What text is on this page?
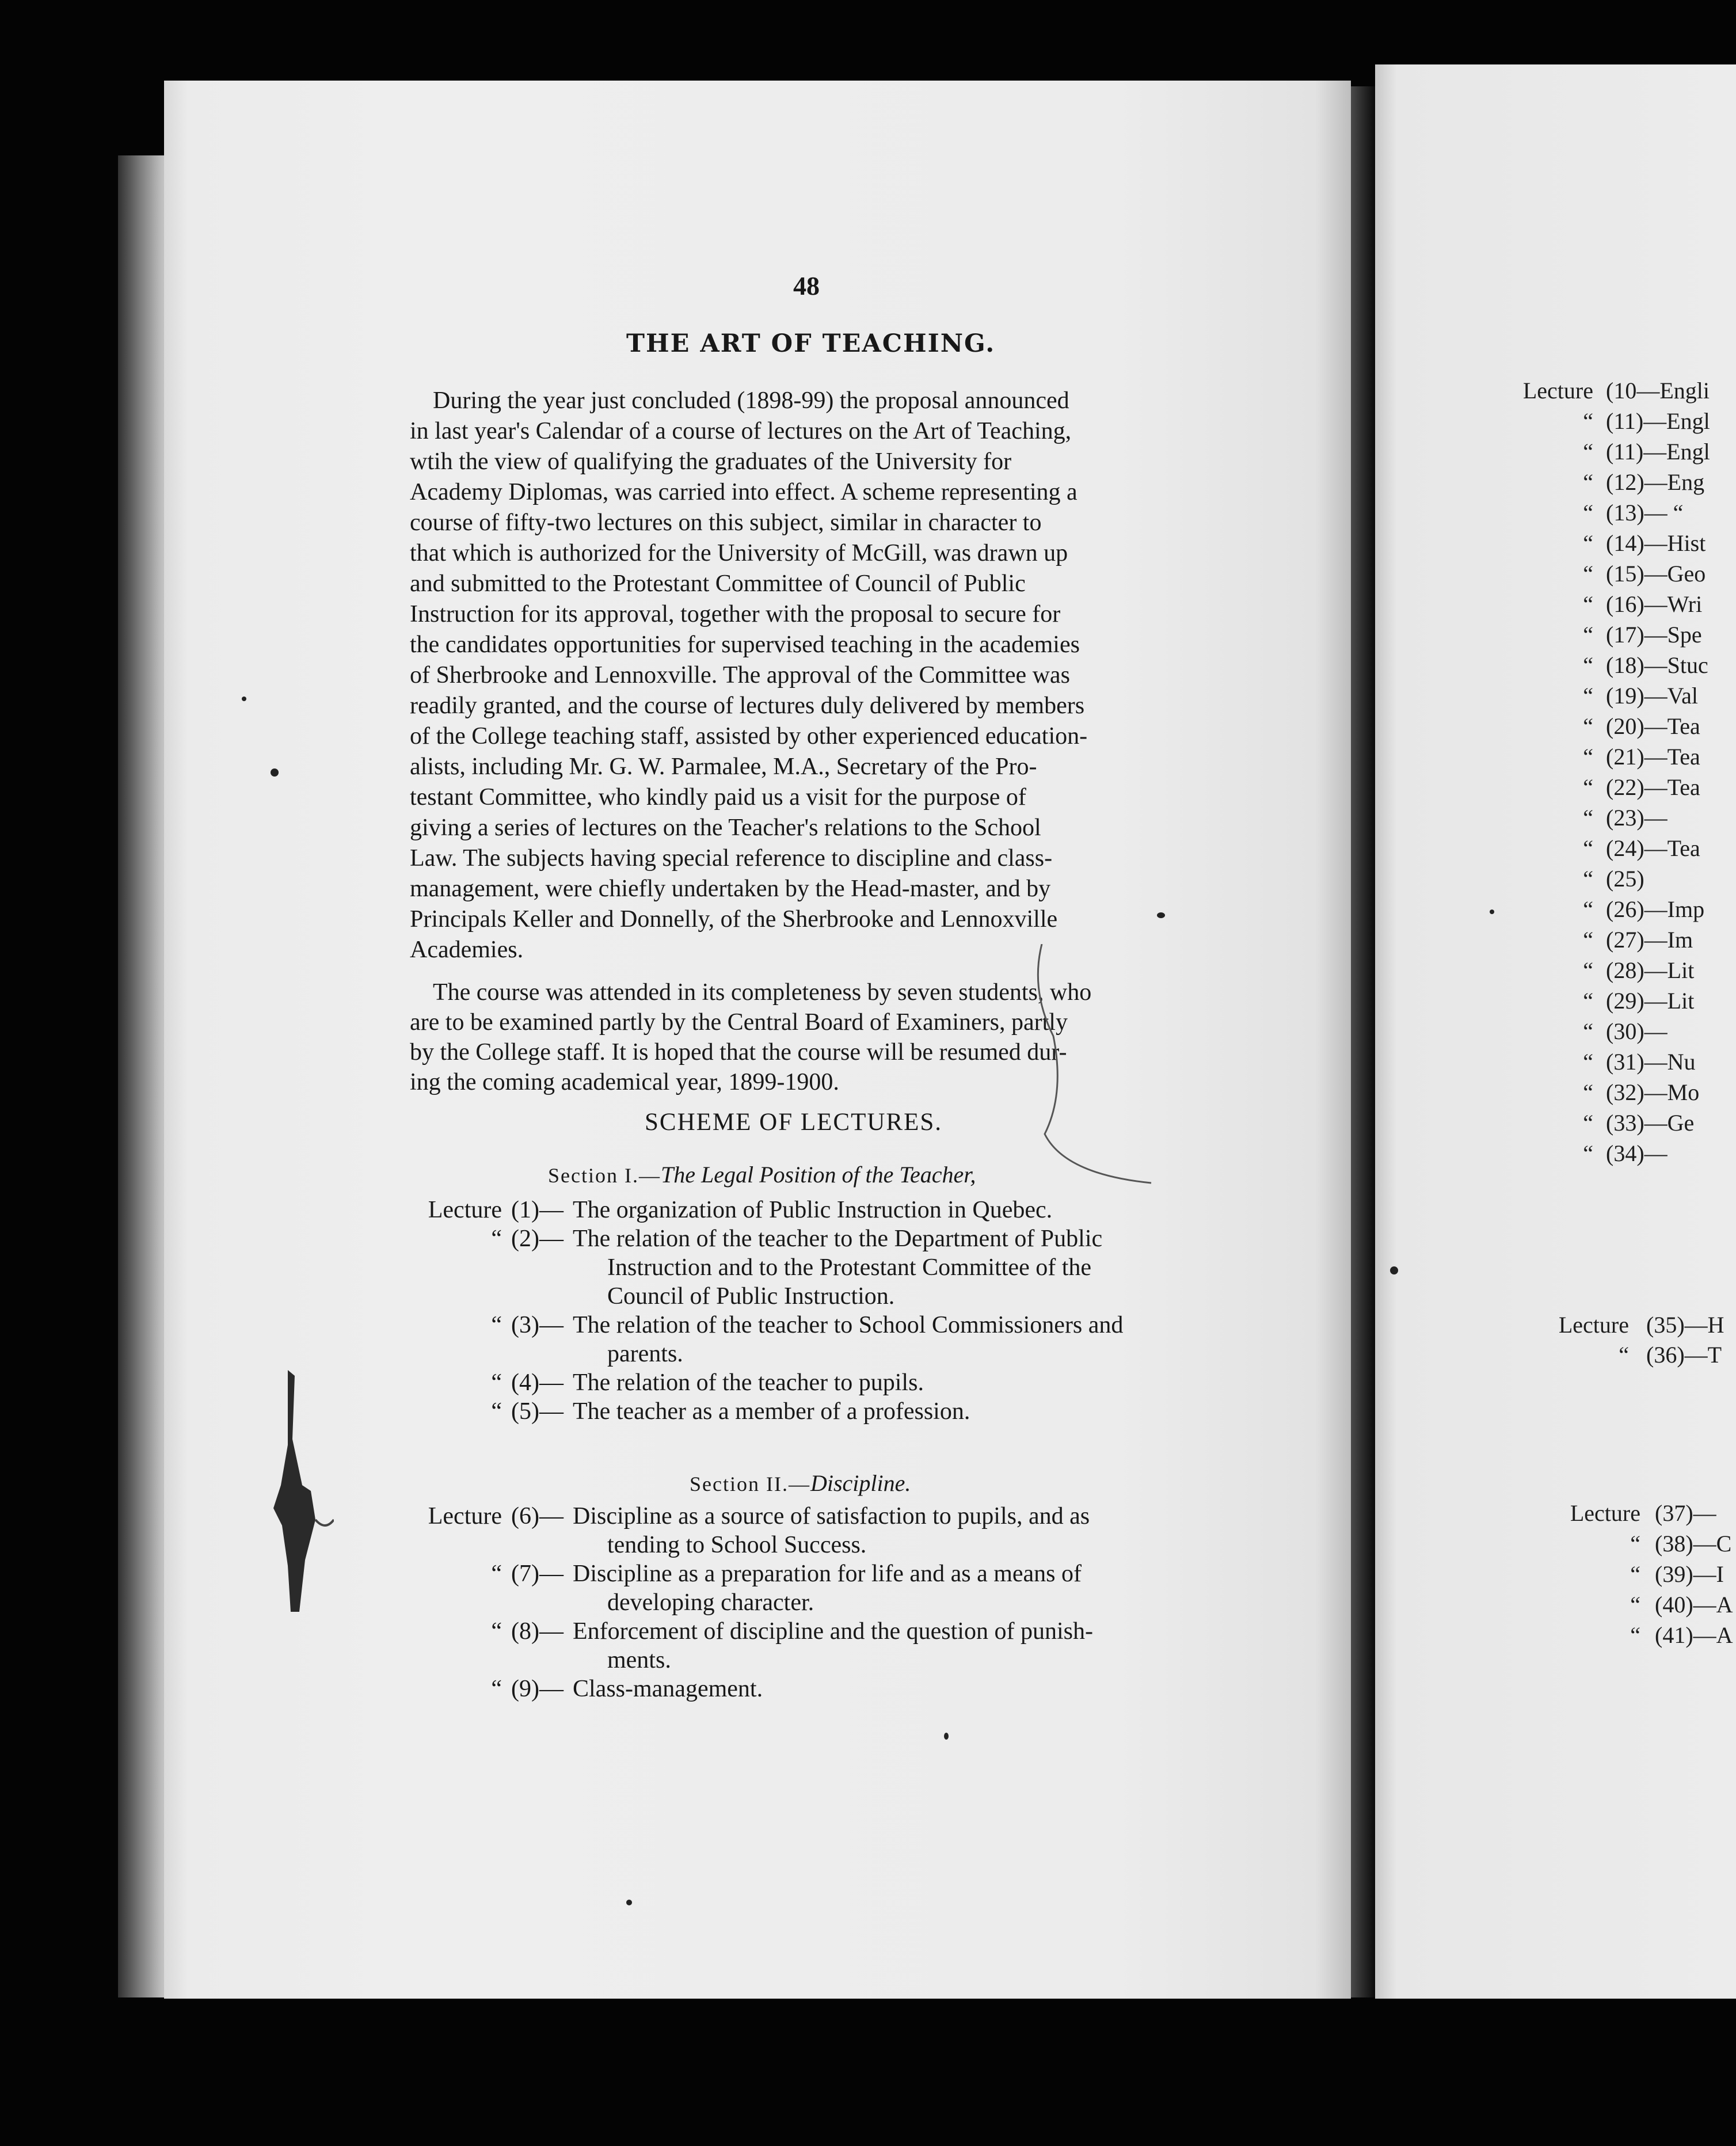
48
THE ART OF TEACHING.
During the year just concluded (1898-99) the proposal announced
in last year's Calendar of a course of lectures on the Art of Teaching,
wtih the view of qualifying the graduates of the University for
Academy Diplomas, was carried into effect. A scheme representing a
course of fifty-two lectures on this subject, similar in character to
that which is authorized for the University of McGill, was drawn up
and submitted to the Protestant Committee of Council of Public
Instruction for its approval, together with the proposal to secure for
the candidates opportunities for supervised teaching in the academies
of Sherbrooke and Lennoxville. The approval of the Committee was
readily granted, and the course of lectures duly delivered by members
of the College teaching staff, assisted by other experienced education-
alists, including Mr. G. W. Parmalee, M.A., Secretary of the Pro-
testant Committee, who kindly paid us a visit for the purpose of
giving a series of lectures on the Teacher's relations to the School
Law. The subjects having special reference to discipline and class-
management, were chiefly undertaken by the Head-master, and by
Principals Keller and Donnelly, of the Sherbrooke and Lennoxville
Academies.
The course was attended in its completeness by seven students, who
are to be examined partly by the Central Board of Examiners, partly
by the College staff. It is hoped that the course will be resumed dur-
ing the coming academical year, 1899-1900.
SCHEME OF LECTURES.
Section I.—The Legal Position of the Teacher,
Lecture (1)— The organization of Public Instruction in Quebec.
“ (2)— The relation of the teacher to the Department of Public
Instruction and to the Protestant Committee of the
Council of Public Instruction.
“ (3)— The relation of the teacher to School Commissioners and
parents.
“ (4)— The relation of the teacher to pupils.
“ (5)— The teacher as a member of a profession.
Section II.—Discipline.
Lecture (6)— Discipline as a source of satisfaction to pupils, and as
tending to School Success.
“ (7)— Discipline as a preparation for life and as a means of
developing character.
“ (8)— Enforcement of discipline and the question of punish-
ments.
“ (9)— Class-management.
Lecture (10—Engli
“ (11)—Engl
“ (11)—Engl
“ (12)—Eng
“ (13)— “
“ (14)—Hist
“ (15)—Geo
“ (16)—Wri
“ (17)—Spe
“ (18)—Stuc
“ (19)—Val
“ (20)—Tea
“ (21)—Tea
“ (22)—Tea
“ (23)—
“ (24)—Tea
“ (25)
“ (26)—Imp
“ (27)—Im
“ (28)—Lit
“ (29)—Lit
“ (30)—
“ (31)—Nu
“ (32)—Mo
“ (33)—Ge
“ (34)—
Lecture (35)—H
“ (36)—T
Lecture (37)—
“ (38)—C
“ (39)—I
“ (40)—A
“ (41)—A
